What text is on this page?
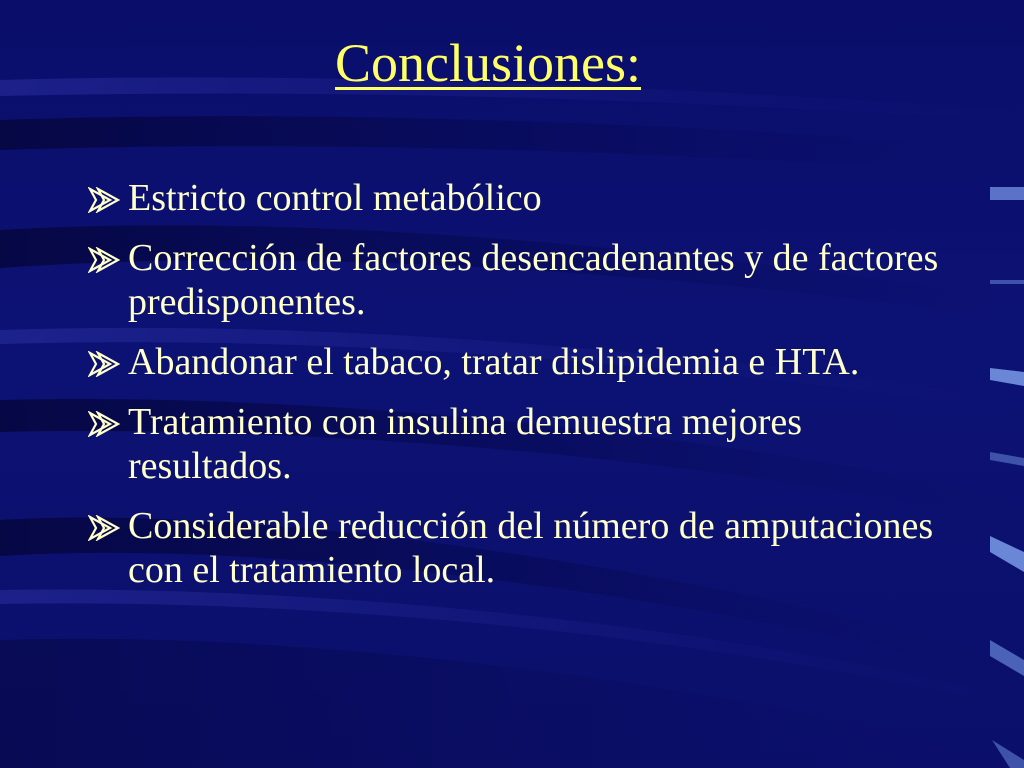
Conclusiones:
Estricto control metabólico
Corrección de factores desencadenantes y de factores predisponentes.
Abandonar el tabaco, tratar dislipidemia e HTA.
Tratamiento con insulina demuestra mejores resultados.
Considerable reducción del número de amputaciones  con el tratamiento local.
